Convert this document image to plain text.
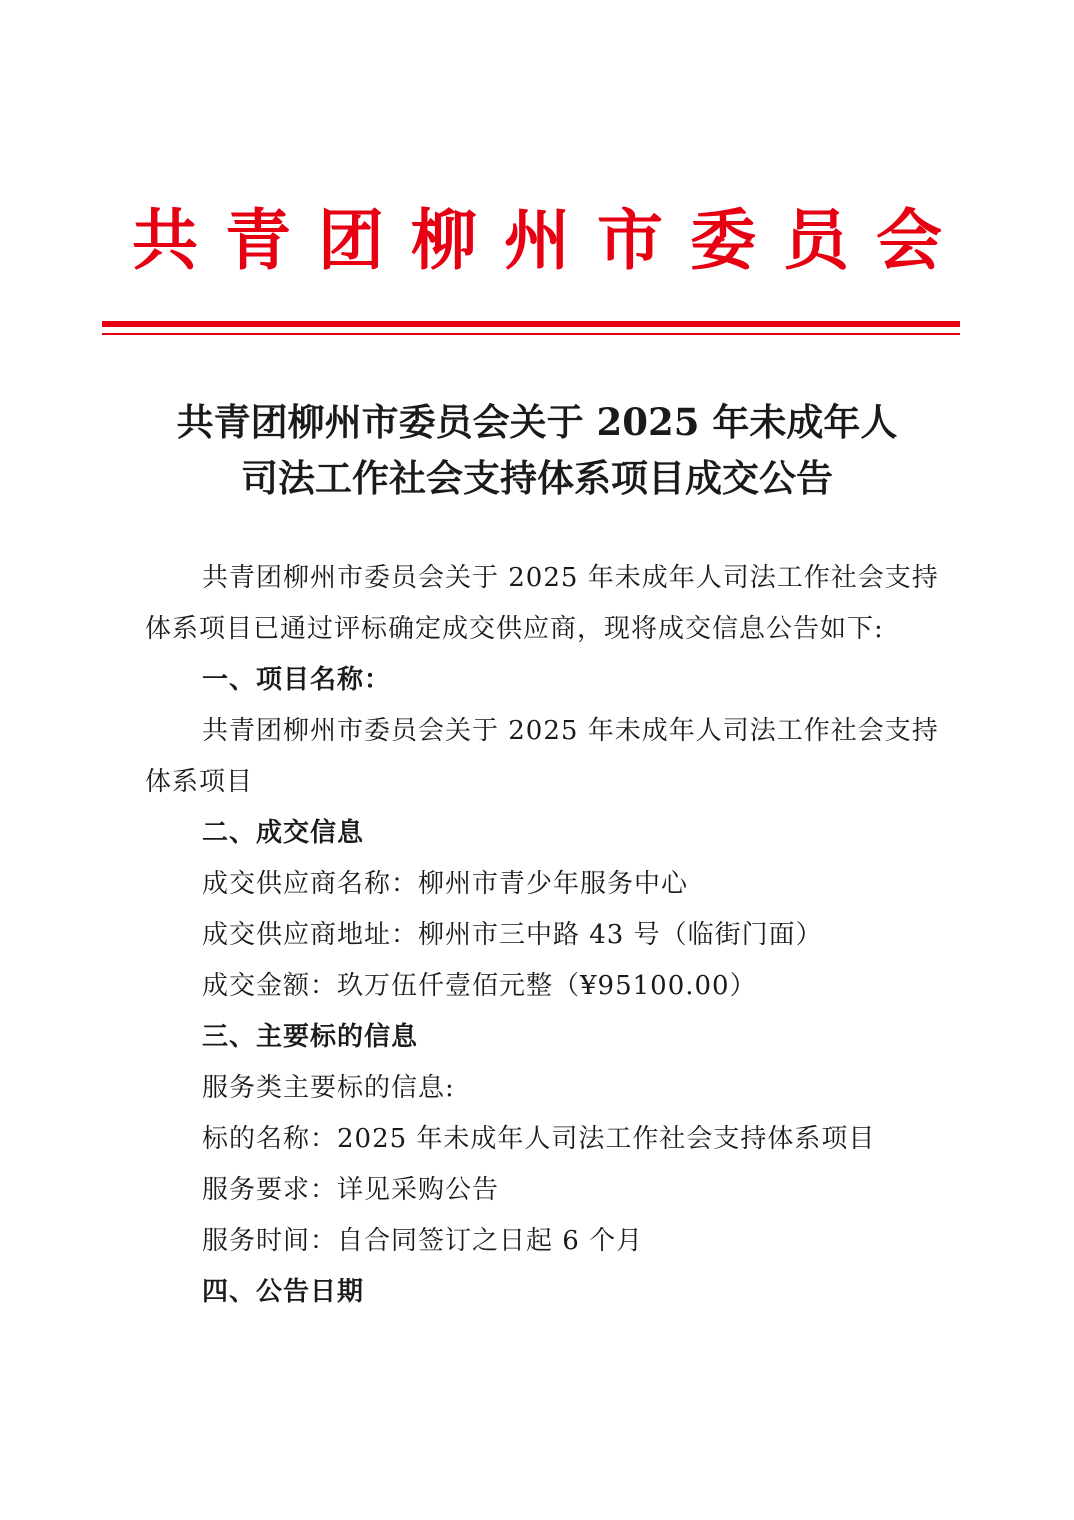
共青团柳州市委员会
共青团柳州市委员会关于 2025 年未成年人
司法工作社会支持体系项目成交公告

共青团柳州市委员会关于 2025 年未成年人司法工作社会支持体系项目已通过评标确定成交供应商，现将成交信息公告如下:

一、项目名称：

共青团柳州市委员会关于 2025 年未成年人司法工作社会支持体系项目

二、成交信息

成交供应商名称：柳州市青少年服务中心

成交供应商地址：柳州市三中路 43 号（临街门面）

成交金额：玖万伍仟壹佰元整（¥95100.00）

三、主要标的信息

服务类主要标的信息:

标的名称：2025 年未成年人司法工作社会支持体系项目

服务要求：详见采购公告

服务时间：自合同签订之日起 6 个月

四、公告日期
